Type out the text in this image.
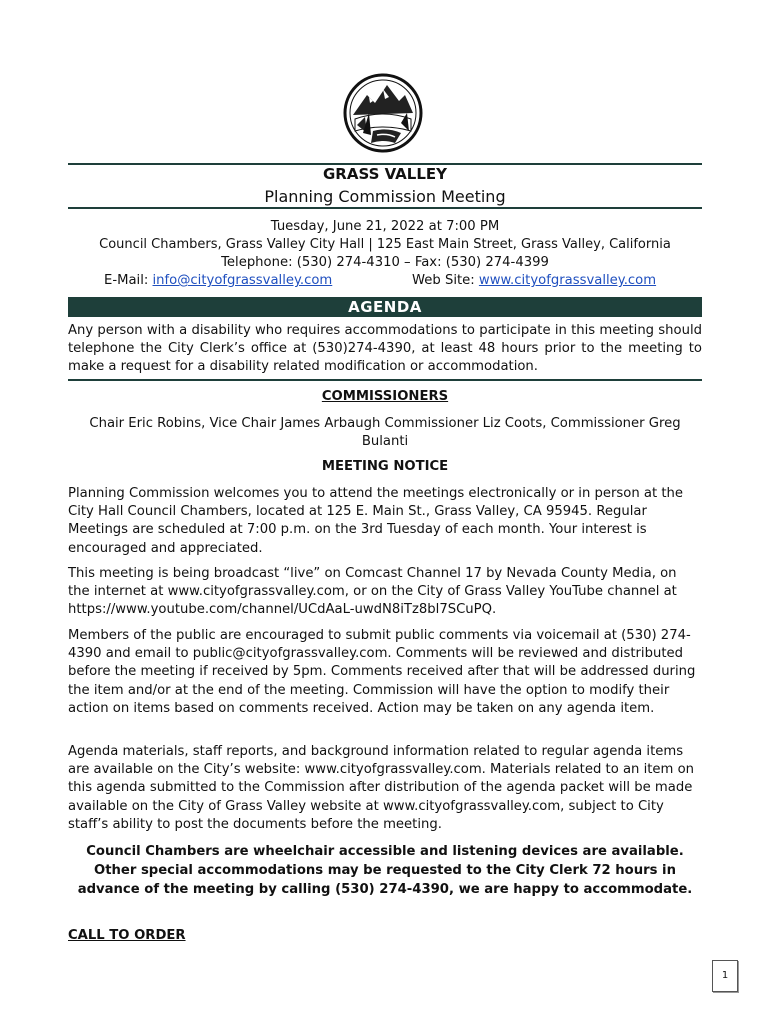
GRASS VALLEY
Planning Commission Meeting
Tuesday, June 21, 2022 at 7:00 PM
Council Chambers, Grass Valley City Hall | 125 East Main Street, Grass Valley, California
Telephone: (530) 274-4310 – Fax: (530) 274-4399
E-Mail: info@cityofgrassvalley.com	Web Site: www.cityofgrassvalley.com
AGENDA
Any person with a disability who requires accommodations to participate in this meeting should telephone the City Clerk’s office at (530)274-4390, at least 48 hours prior to the meeting to make a request for a disability related modification or accommodation.
COMMISSIONERS
Chair Eric Robins, Vice Chair James Arbaugh Commissioner Liz Coots, Commissioner Greg Bulanti
MEETING NOTICE
Planning Commission welcomes you to attend the meetings electronically or in person at the City Hall Council Chambers, located at 125 E. Main St., Grass Valley, CA 95945. Regular Meetings are scheduled at 7:00 p.m. on the 3rd Tuesday of each month. Your interest is encouraged and appreciated.
This meeting is being broadcast “live” on Comcast Channel 17 by Nevada County Media, on the internet at www.cityofgrassvalley.com, or on the City of Grass Valley YouTube channel at https://www.youtube.com/channel/UCdAaL-uwdN8iTz8bl7SCuPQ.
Members of the public are encouraged to submit public comments via voicemail at (530) 274-4390 and email to public@cityofgrassvalley.com. Comments will be reviewed and distributed before the meeting if received by 5pm. Comments received after that will be addressed during the item and/or at the end of the meeting. Commission will have the option to modify their action on items based on comments received. Action may be taken on any agenda item.
Agenda materials, staff reports, and background information related to regular agenda items are available on the City’s website: www.cityofgrassvalley.com. Materials related to an item on this agenda submitted to the Commission after distribution of the agenda packet will be made available on the City of Grass Valley website at www.cityofgrassvalley.com, subject to City staff’s ability to post the documents before the meeting.
Council Chambers are wheelchair accessible and listening devices are available. Other special accommodations may be requested to the City Clerk 72 hours in advance of the meeting by calling (530) 274-4390, we are happy to accommodate.
CALL TO ORDER
1
